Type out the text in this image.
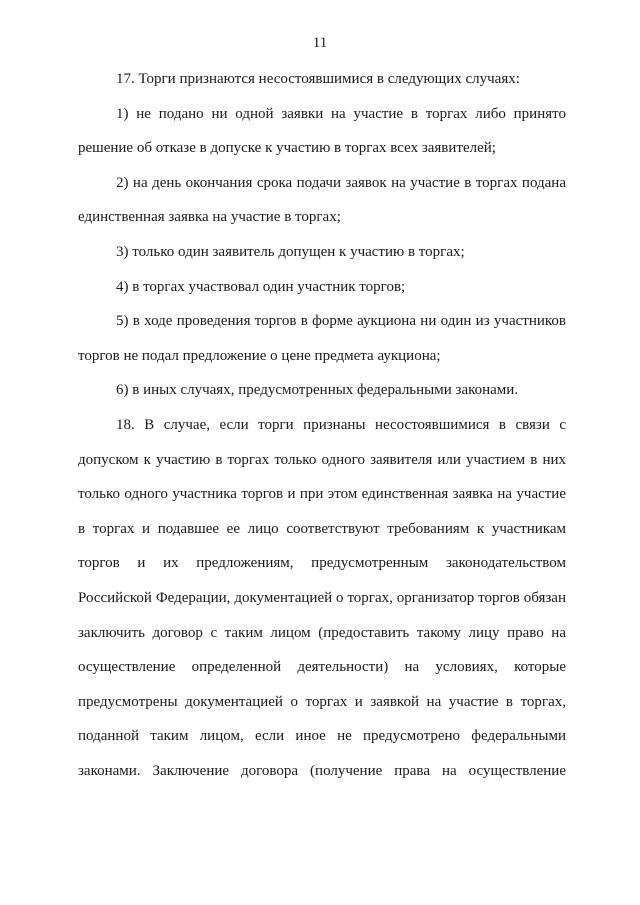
11

17. Торги признаются несостоявшимися в следующих случаях:

1) не подано ни одной заявки на участие в торгах либо принято решение об отказе в допуске к участию в торгах всех заявителей;

2) на день окончания срока подачи заявок на участие в торгах подана единственная заявка на участие в торгах;

3) только один заявитель допущен к участию в торгах;

4) в торгах участвовал один участник торгов;

5) в ходе проведения торгов в форме аукциона ни один из участников торгов не подал предложение о цене предмета аукциона;

6) в иных случаях, предусмотренных федеральными законами.

18. В случае, если торги признаны несостоявшимися в связи с допуском к участию в торгах только одного заявителя или участием в них только одного участника торгов и при этом единственная заявка на участие в торгах и подавшее ее лицо соответствуют требованиям к участникам торгов и их предложениям, предусмотренным законодательством Российской Федерации, документацией о торгах, организатор торгов обязан заключить договор с таким лицом (предоставить такому лицу право на осуществление определенной деятельности) на условиях, которые предусмотрены документацией о торгах и заявкой на участие в торгах, поданной таким лицом, если иное не предусмотрено федеральными законами. Заключение договора (получение права на осуществление
